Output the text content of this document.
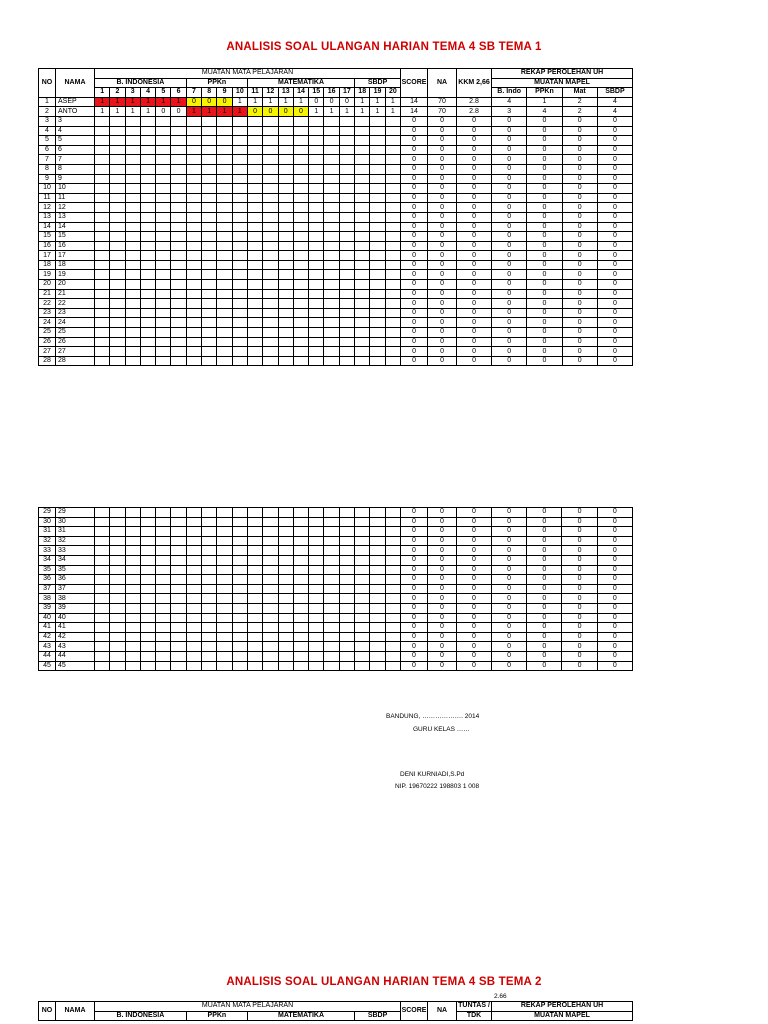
ANALISIS SOAL ULANGAN HARIAN TEMA 4 SB TEMA 1
NO	NAMA	MUATAN MATA PELAJARAN																				SCORE	NA	KKM 2,66	REKAP PEROLEHAN UH			
		B. INDONESIA						PPKn				MATEMATIKA							SBDP						MUATAN MAPEL			
		1	2	3	4	5	6	7	8	9	10	11	12	13	14	15	16	17	18	19	20				B. Indo	PPKn	Mat	SBDP
1	ASEP	1	1	1	1	1	1	0	0	0	1	1	1	1	1	0	0	0	1	1	1	14	70	2.8	4	1	2	4
2	ANTO	1	1	1	1	0	0	1	1	1	1	0	0	0	0	1	1	1	1	1	1	14	70	2.8	3	4	2	4
3	3																					0	0	0	0	0	0	0
4	4																					0	0	0	0	0	0	0
5	5																					0	0	0	0	0	0	0
6	6																					0	0	0	0	0	0	0
7	7																					0	0	0	0	0	0	0
8	8																					0	0	0	0	0	0	0
9	9																					0	0	0	0	0	0	0
10	10																					0	0	0	0	0	0	0
11	11																					0	0	0	0	0	0	0
12	12																					0	0	0	0	0	0	0
13	13																					0	0	0	0	0	0	0
14	14																					0	0	0	0	0	0	0
15	15																					0	0	0	0	0	0	0
16	16																					0	0	0	0	0	0	0
17	17																					0	0	0	0	0	0	0
18	18																					0	0	0	0	0	0	0
19	19																					0	0	0	0	0	0	0
20	20																					0	0	0	0	0	0	0
21	21																					0	0	0	0	0	0	0
22	22																					0	0	0	0	0	0	0
23	23																					0	0	0	0	0	0	0
24	24																					0	0	0	0	0	0	0
25	25																					0	0	0	0	0	0	0
26	26																					0	0	0	0	0	0	0
27	27																					0	0	0	0	0	0	0
28	28																					0	0	0	0	0	0	0
29	29																					0	0	0	0	0	0	0
30	30																					0	0	0	0	0	0	0
31	31																					0	0	0	0	0	0	0
32	32																					0	0	0	0	0	0	0
33	33																					0	0	0	0	0	0	0
34	34																					0	0	0	0	0	0	0
35	35																					0	0	0	0	0	0	0
36	36																					0	0	0	0	0	0	0
37	37																					0	0	0	0	0	0	0
38	38																					0	0	0	0	0	0	0
39	39																					0	0	0	0	0	0	0
40	40																					0	0	0	0	0	0	0
41	41																					0	0	0	0	0	0	0
42	42																					0	0	0	0	0	0	0
43	43																					0	0	0	0	0	0	0
44	44																					0	0	0	0	0	0	0
45	45																					0	0	0	0	0	0	0
BANDUNG, ………………. 2014
GURU KELAS ……
DENI KURNIADI,S.Pd
NIP. 19670222 198803 1 008
ANALISIS SOAL ULANGAN HARIAN TEMA 4 SB TEMA 2
2.66
NO	NAMA	MUATAN MATA PELAJARAN				SCORE	NA	TUNTAS /	REKAP PEROLEHAN UH
		B. INDONESIA	PPKn	MATEMATIKA	SBDP			TDK	MUATAN MAPEL
